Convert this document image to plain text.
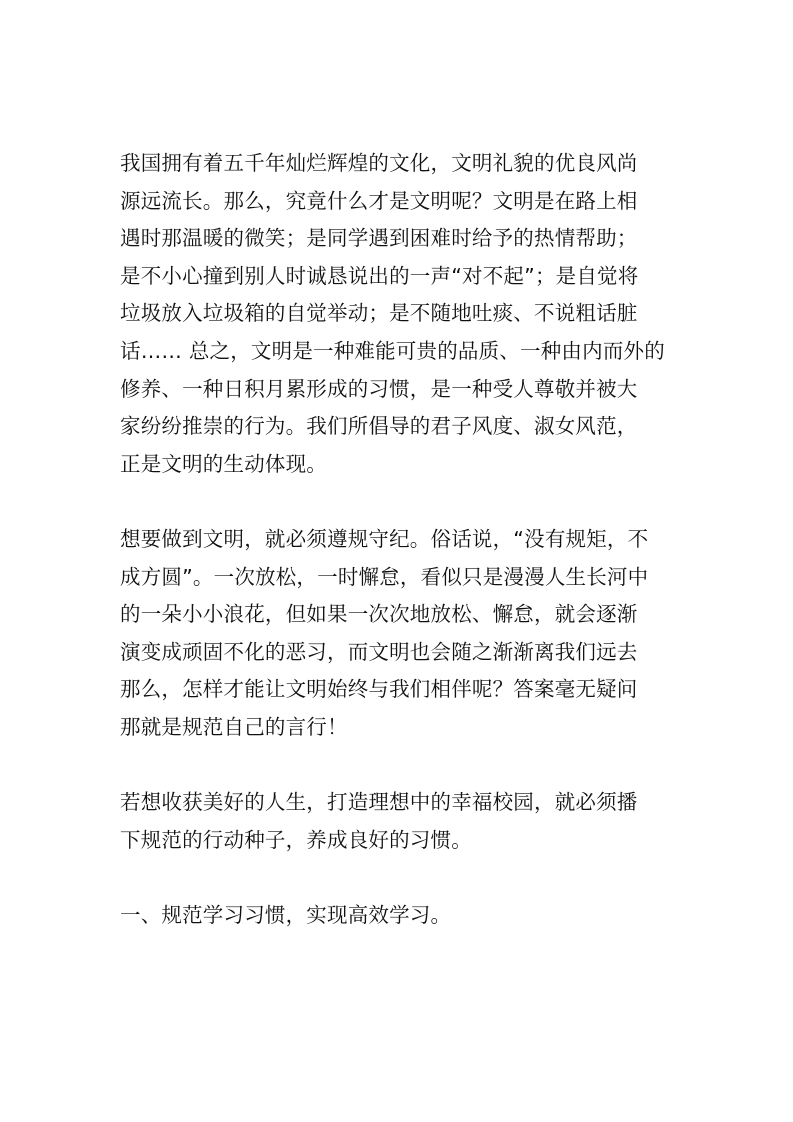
我国拥有着五千年灿烂辉煌的文化，文明礼貌的优良风尚
源远流长。那么，究竟什么才是文明呢？文明是在路上相
遇时那温暖的微笑；是同学遇到困难时给予的热情帮助；
是不小心撞到别人时诚恳说出的一声“对不起”；是自觉将
垃圾放入垃圾箱的自觉举动；是不随地吐痰、不说粗话脏
话…… 总之，文明是一种难能可贵的品质、一种由内而外的
修养、一种日积月累形成的习惯，是一种受人尊敬并被大
家纷纷推崇的行为。我们所倡导的君子风度、淑女风范，
正是文明的生动体现。
想要做到文明，就必须遵规守纪。俗话说，“没有规矩，不
成方圆”。一次放松，一时懈怠，看似只是漫漫人生长河中
的一朵小小浪花，但如果一次次地放松、懈怠，就会逐渐
演变成顽固不化的恶习，而文明也会随之渐渐离我们远去
那么，怎样才能让文明始终与我们相伴呢？答案毫无疑问
那就是规范自己的言行！
若想收获美好的人生，打造理想中的幸福校园，就必须播
下规范的行动种子，养成良好的习惯。
一、规范学习习惯，实现高效学习。
